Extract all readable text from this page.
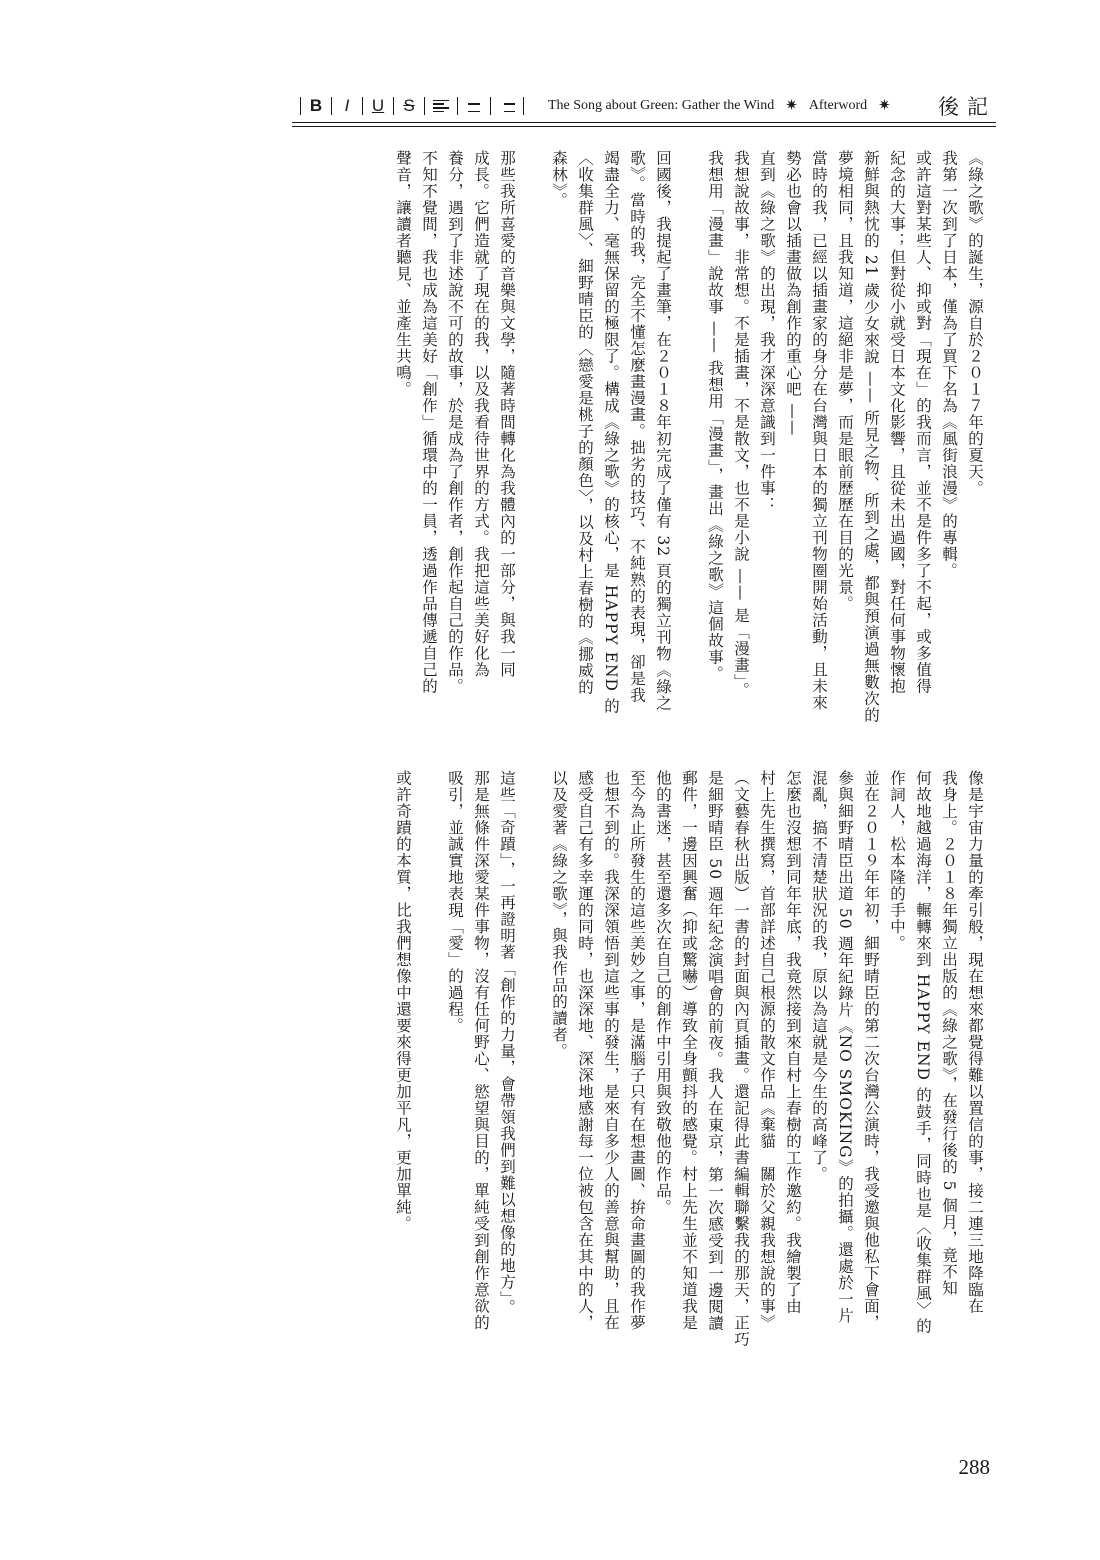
B I U S	The Song about Green: Gather the Wind ✷ Afterword ✷ 後記
《綠之歌》的誕生，源自於２０１７年的夏天。
我第一次到了日本，僅為了買下名為《風街浪漫》的專輯。
或許這對某些人、抑或對「現在」的我而言，並不是件多了不起，或多值得
紀念的大事；但對從小就受日本文化影響，且從未出過國，對任何事物懷抱
新鮮與熱忱的 21 歲少女來說 —— 所見之物、所到之處，都與預演過無數次的
夢境相同，且我知道，這絕非是夢，而是眼前歷歷在目的光景。
當時的我，已經以插畫家的身分在台灣與日本的獨立刊物圈開始活動，且未來
勢必也會以插畫做為創作的重心吧 ——
直到《綠之歌》的出現，我才深深意識到一件事：
我想說故事，非常想。不是插畫，不是散文，也不是小說 —— 是「漫畫」。
我想用「漫畫」說故事 —— 我想用「漫畫」，畫出《綠之歌》這個故事。
回國後，我提起了畫筆，在２０１８年初完成了僅有 32 頁的獨立刊物《綠之
歌》。當時的我，完全不懂怎麼畫漫畫。拙劣的技巧、不純熟的表現，卻是我
竭盡全力、毫無保留的極限了。構成《綠之歌》的核心，是 HAPPY END 的
〈收集群風〉、細野晴臣的〈戀愛是桃子的顏色〉，以及村上春樹的《挪威的
森林》。
那些我所喜愛的音樂與文學，隨著時間轉化為我體內的一部分，與我一同
成長。它們造就了現在的我，以及我看待世界的方式。我把這些美好化為
養分，遇到了非述說不可的故事，於是成為了創作者，創作起自己的作品。
不知不覺間，我也成為這美好「創作」循環中的一員，透過作品傳遞自己的
聲音，讓讀者聽見、並產生共鳴。
像是宇宙力量的牽引般，現在想來都覺得難以置信的事，接二連三地降臨在
我身上。２０１８年獨立出版的《綠之歌》，在發行後的 5 個月，竟不知
何故地越過海洋，輾轉來到 HAPPY END 的鼓手，同時也是〈收集群風〉的
作詞人，松本隆的手中。
並在２０１９年年初，細野晴臣的第二次台灣公演時，我受邀與他私下會面，
參與細野晴臣出道 50 週年紀錄片《NO SMOKING》的拍攝。還處於一片
混亂，搞不清楚狀況的我，原以為這就是今生的高峰了。
怎麼也沒想到同年年底，我竟然接到來自村上春樹的工作邀約。我繪製了由
村上先生撰寫，首部詳述自己根源的散文作品《棄貓　關於父親我想說的事》
（文藝春秋出版）一書的封面與內頁插畫。還記得此書編輯聯繫我的那天，正巧
是細野晴臣 50 週年紀念演唱會的前夜。我人在東京，第一次感受到一邊閱讀
郵件，一邊因興奮（抑或驚嚇）導致全身顫抖的感覺。村上先生並不知道我是
他的書迷，甚至還多次在自己的創作中引用與致敬他的作品。
至今為止所發生的這些美妙之事，是滿腦子只有在想畫圖、拚命畫圖的我作夢
也想不到的。我深深領悟到這些事的發生，是來自多少人的善意與幫助，且在
感受自己有多幸運的同時，也深深地、深深地感謝每一位被包含在其中的人，
以及愛著《綠之歌》，與我作品的讀者。
這些「奇蹟」，一再證明著「創作的力量，會帶領我們到難以想像的地方」。
那是無條件深愛某件事物，沒有任何野心、慾望與目的，單純受到創作意欲的
吸引，並誠實地表現「愛」的過程。
或許奇蹟的本質，比我們想像中還要來得更加平凡，更加單純。
288
